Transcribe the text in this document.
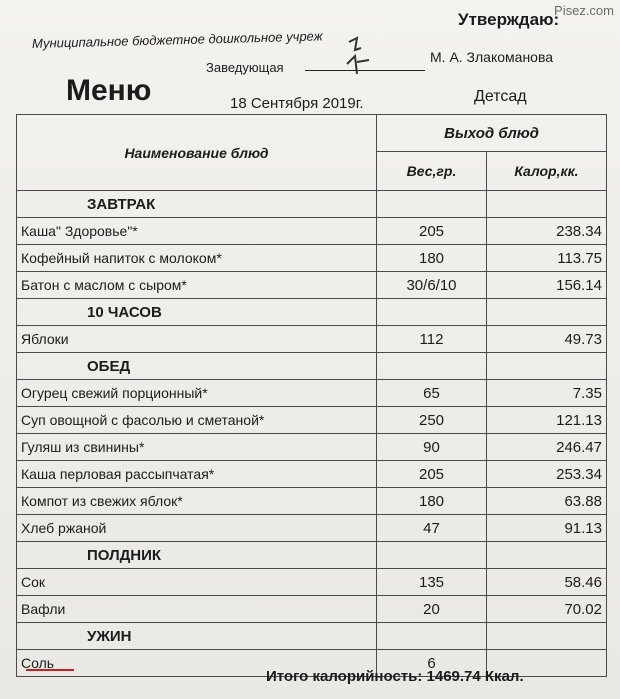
Pisez.com
Утверждаю:
Муниципальное бюджетное дошкольное учреж
Заведующая
М. А. Злакоманова
Меню	18 Сентября 2019г.	Детсад
Наименование блюд	Выход блюд	
	Вес,гр.	Калор,кк.
ЗАВТРАК		
Каша" Здоровье"*	205	238.34
Кофейный напиток с молоком*	180	113.75
Батон с маслом с сыром*	30/6/10	156.14
10 ЧАСОВ		
Яблоки	112	49.73
ОБЕД		
Огурец свежий порционный*	65	7.35
Суп овощной с фасолью и сметаной*	250	121.13
Гуляш из свинины*	90	246.47
Каша перловая рассыпчатая*	205	253.34
Компот из свежих яблок*	180	63.88
Хлеб ржаной	47	91.13
ПОЛДНИК		
Сок	135	58.46
Вафли	20	70.02
УЖИН		
Соль	6	
Итого калорийность: 1469.74 Ккал.
